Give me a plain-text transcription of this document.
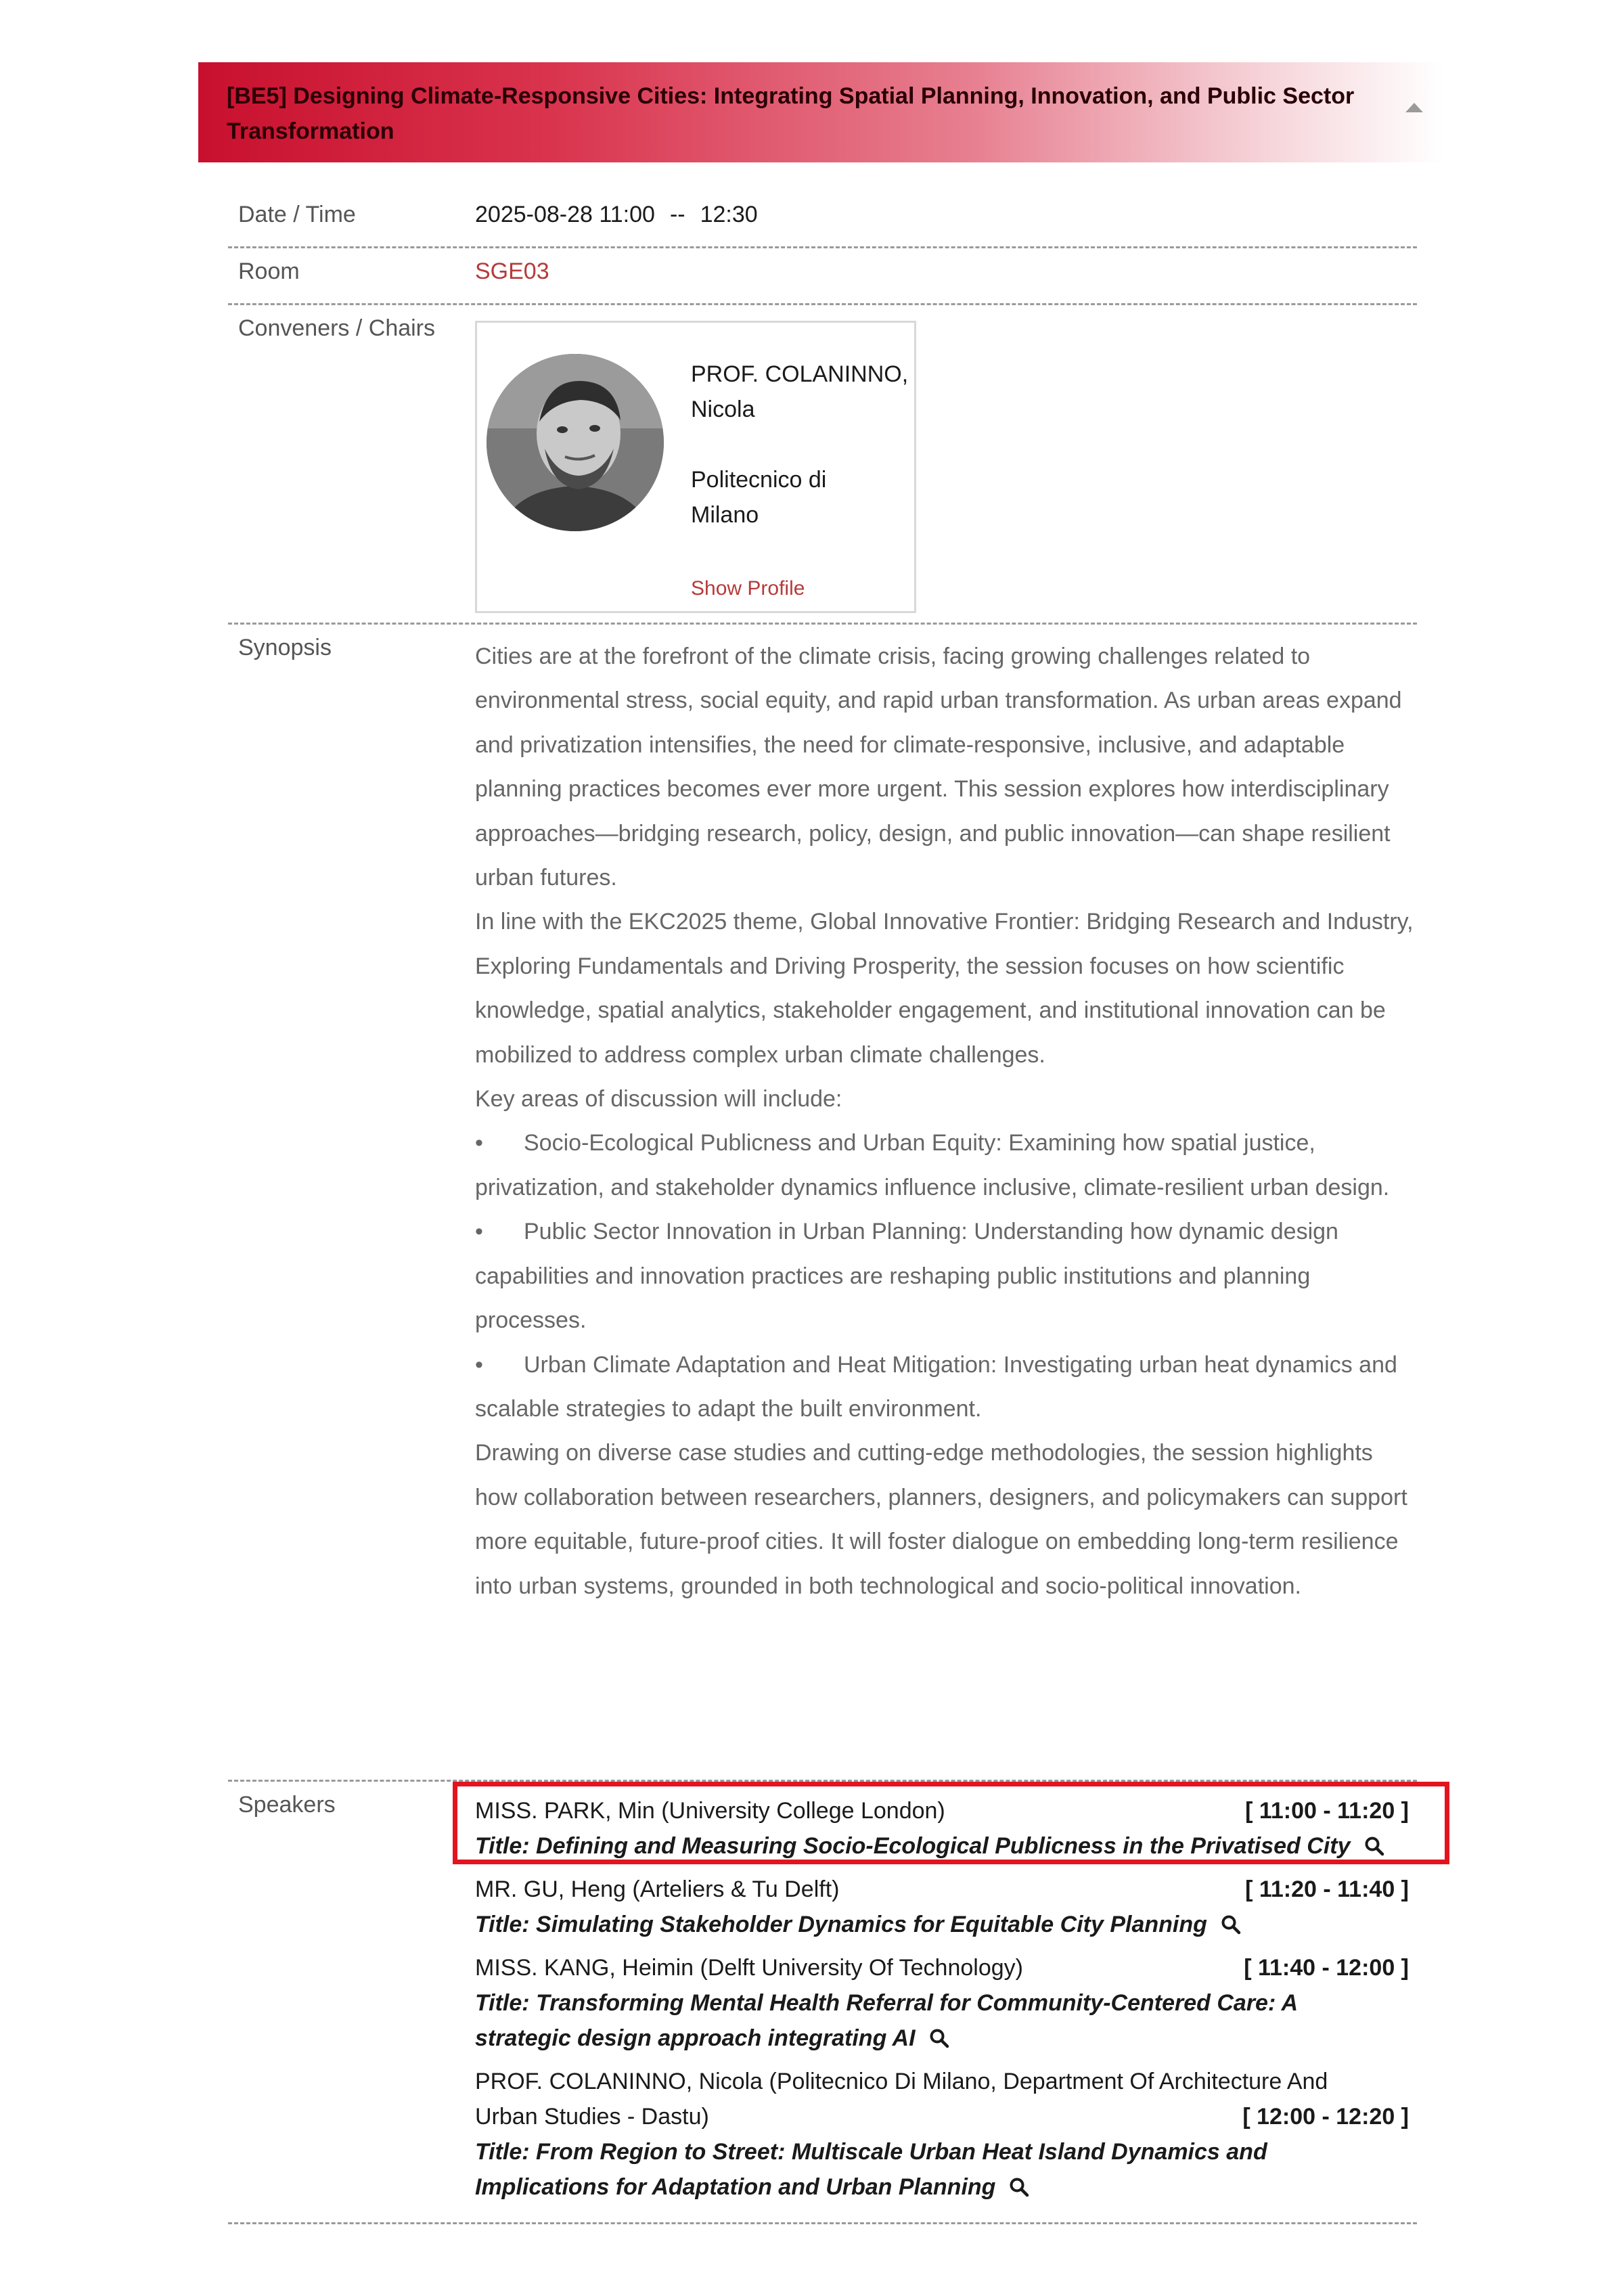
[BE5] Designing Climate-Responsive Cities: Integrating Spatial Planning, Innovation, and Public Sector Transformation

Date / Time	2025-08-28 11:00 -- 12:30
Room	SGE03
Conveners / Chairs
PROF. COLANINNO,
Nicola
Politecnico di
Milano
Show Profile
Synopsis	Cities are at the forefront of the climate crisis, facing growing challenges related to environmental stress, social equity, and rapid urban transformation. As urban areas expand and privatization intensifies, the need for climate-responsive, inclusive, and adaptable planning practices becomes ever more urgent. This session explores how interdisciplinary approaches—bridging research, policy, design, and public innovation—can shape resilient urban futures.

In line with the EKC2025 theme, Global Innovative Frontier: Bridging Research and Industry, Exploring Fundamentals and Driving Prosperity, the session focuses on how scientific knowledge, spatial analytics, stakeholder engagement, and institutional innovation can be mobilized to address complex urban climate challenges.

Key areas of discussion will include:

• Socio-Ecological Publicness and Urban Equity: Examining how spatial justice, privatization, and stakeholder dynamics influence inclusive, climate-resilient urban design.

• Public Sector Innovation in Urban Planning: Understanding how dynamic design capabilities and innovation practices are reshaping public institutions and planning processes.

• Urban Climate Adaptation and Heat Mitigation: Investigating urban heat dynamics and scalable strategies to adapt the built environment.

Drawing on diverse case studies and cutting-edge methodologies, the session highlights how collaboration between researchers, planners, designers, and policymakers can support more equitable, future-proof cities. It will foster dialogue on embedding long-term resilience into urban systems, grounded in both technological and socio-political innovation.

Speakers	MISS. PARK, Min (University College London)	[ 11:00 - 11:20 ]
Title: Defining and Measuring Socio-Ecological Publicness in the Privatised City
MR. GU, Heng (Arteliers & Tu Delft)	[ 11:20 - 11:40 ]
Title: Simulating Stakeholder Dynamics for Equitable City Planning
MISS. KANG, Heimin (Delft University Of Technology)	[ 11:40 - 12:00 ]
Title: Transforming Mental Health Referral for Community-Centered Care: A
strategic design approach integrating AI
PROF. COLANINNO, Nicola (Politecnico Di Milano, Department Of Architecture And
Urban Studies - Dastu)	[ 12:00 - 12:20 ]
Title: From Region to Street: Multiscale Urban Heat Island Dynamics and
Implications for Adaptation and Urban Planning
